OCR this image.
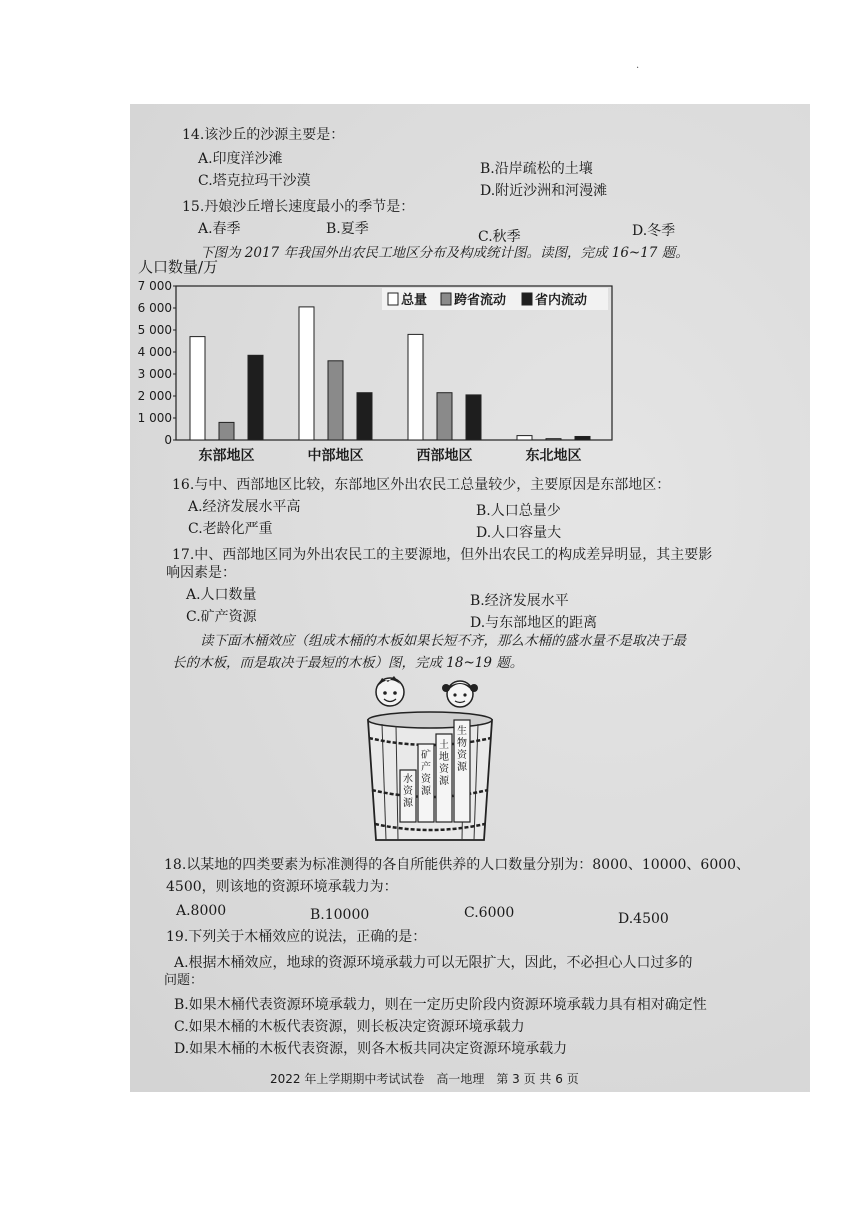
.
14.该沙丘的沙源主要是：
A.印度洋沙滩
B.沿岸疏松的土壤
C.塔克拉玛干沙漠
D.附近沙洲和河漫滩
15.丹娘沙丘增长速度最小的季节是：
A.春季	B.夏季	C.秋季	D.冬季
下图为 2017 年我国外出农民工地区分布及构成统计图。读图，完成 16~17 题。
人口数量/万
0
1 000
2 000
3 000
4 000
5 000
6 000
7 000
东部地区	中部地区	西部地区	东北地区
总量 跨省流动 省内流动
16.与中、西部地区比较，东部地区外出农民工总量较少，主要原因是东部地区：
A.经济发展水平高	B.人口总量少
C.老龄化严重	D.人口容量大
17.中、西部地区同为外出农民工的主要源地，但外出农民工的构成差异明显，其主要影
响因素是：
A.人口数量	B.经济发展水平
C.矿产资源	D.与东部地区的距离
读下面木桶效应（组成木桶的木板如果长短不齐，那么木桶的盛水量不是取决于最
长的木板，而是取决于最短的木板）图，完成 18~19 题。
水
资
源
矿
产
资
源
土
地
资
源
生
物
资
源
18.以某地的四类要素为标准测得的各自所能供养的人口数量分别为：8000、10000、6000、
4500，则该地的资源环境承载力为：
A.8000	B.10000	C.6000	D.4500
19.下列关于木桶效应的说法，正确的是：
A.根据木桶效应，地球的资源环境承载力可以无限扩大，因此，不必担心人口过多的
问题：
B.如果木桶代表资源环境承载力，则在一定历史阶段内资源环境承载力具有相对确定性
C.如果木桶的木板代表资源，则长板决定资源环境承载力
D.如果木桶的木板代表资源，则各木板共同决定资源环境承载力
2022 年上学期期中考试试卷　高一地理　第 3 页 共 6 页
